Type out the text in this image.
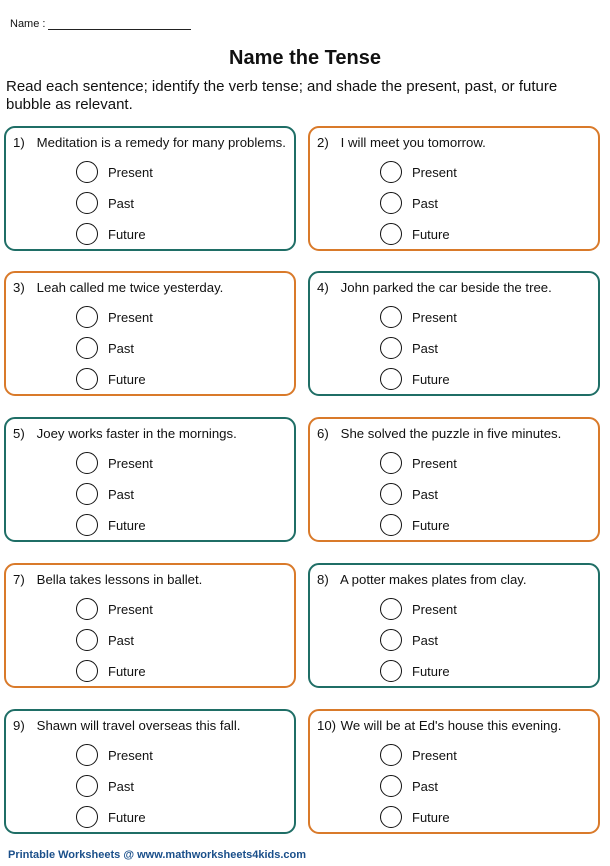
Name :
Name the Tense
Read each sentence; identify the verb tense; and shade the present, past, or future bubble as relevant.
1) Meditation is a remedy for many problems.
Present
Past
Future
2) I will meet you tomorrow.
Present
Past
Future
3) Leah called me twice yesterday.
Present
Past
Future
4) John parked the car beside the tree.
Present
Past
Future
5) Joey works faster in the mornings.
Present
Past
Future
6) She solved the puzzle in five minutes.
Present
Past
Future
7) Bella takes lessons in ballet.
Present
Past
Future
8) A potter makes plates from clay.
Present
Past
Future
9) Shawn will travel overseas this fall.
Present
Past
Future
10) We will be at Ed's house this evening.
Present
Past
Future
Printable Worksheets @ www.mathworksheets4kids.com
